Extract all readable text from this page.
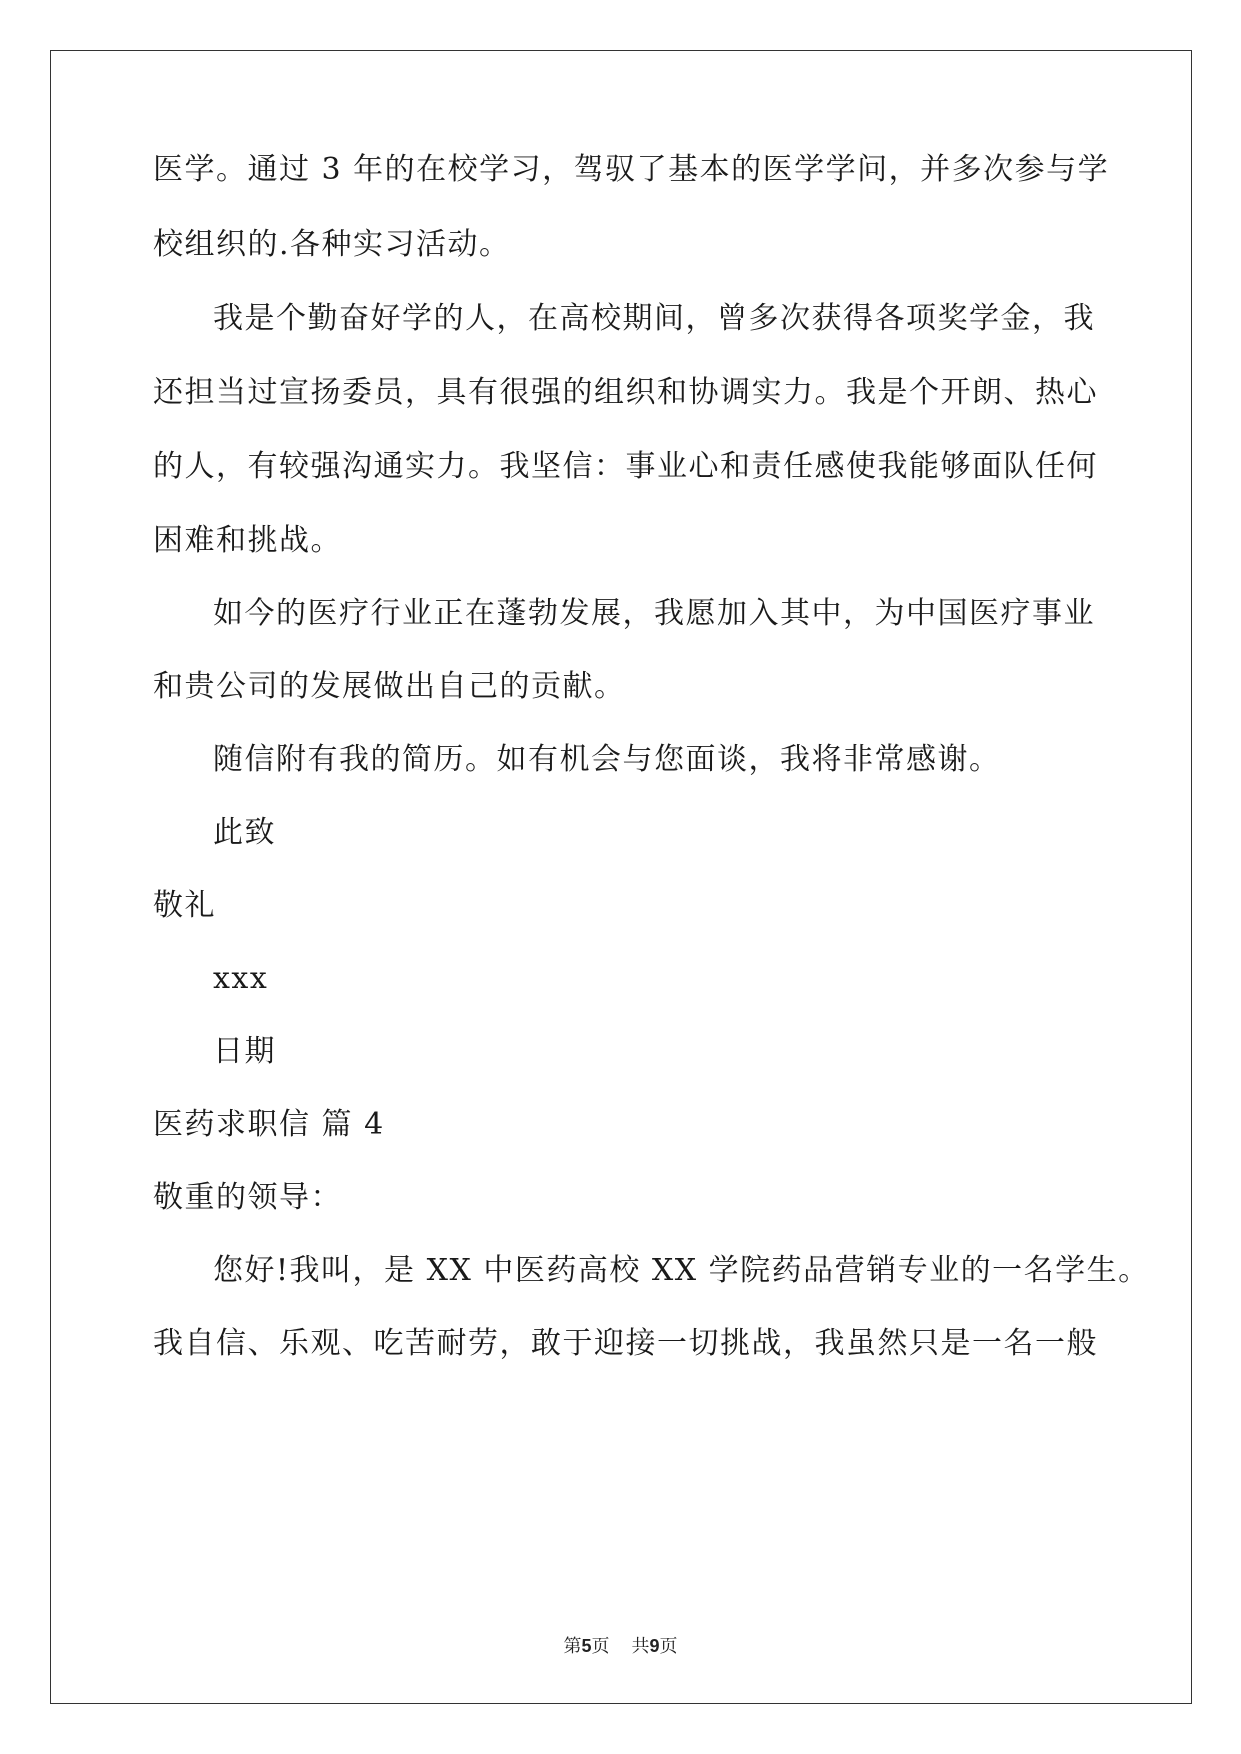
医学。通过 3 年的在校学习，驾驭了基本的医学学问，并多次参与学

校组织的.各种实习活动。

我是个勤奋好学的人，在高校期间，曾多次获得各项奖学金，我

还担当过宣扬委员，具有很强的组织和协调实力。我是个开朗、热心

的人，有较强沟通实力。我坚信：事业心和责任感使我能够面队任何

困难和挑战。

如今的医疗行业正在蓬勃发展，我愿加入其中，为中国医疗事业

和贵公司的发展做出自己的贡献。

随信附有我的简历。如有机会与您面谈，我将非常感谢。

此致

敬礼

xxx

日期

医药求职信 篇 4

敬重的领导：

您好!我叫，是 XX 中医药高校 XX 学院药品营销专业的一名学生。

我自信、乐观、吃苦耐劳，敢于迎接一切挑战，我虽然只是一名一般

第5页 共9页
